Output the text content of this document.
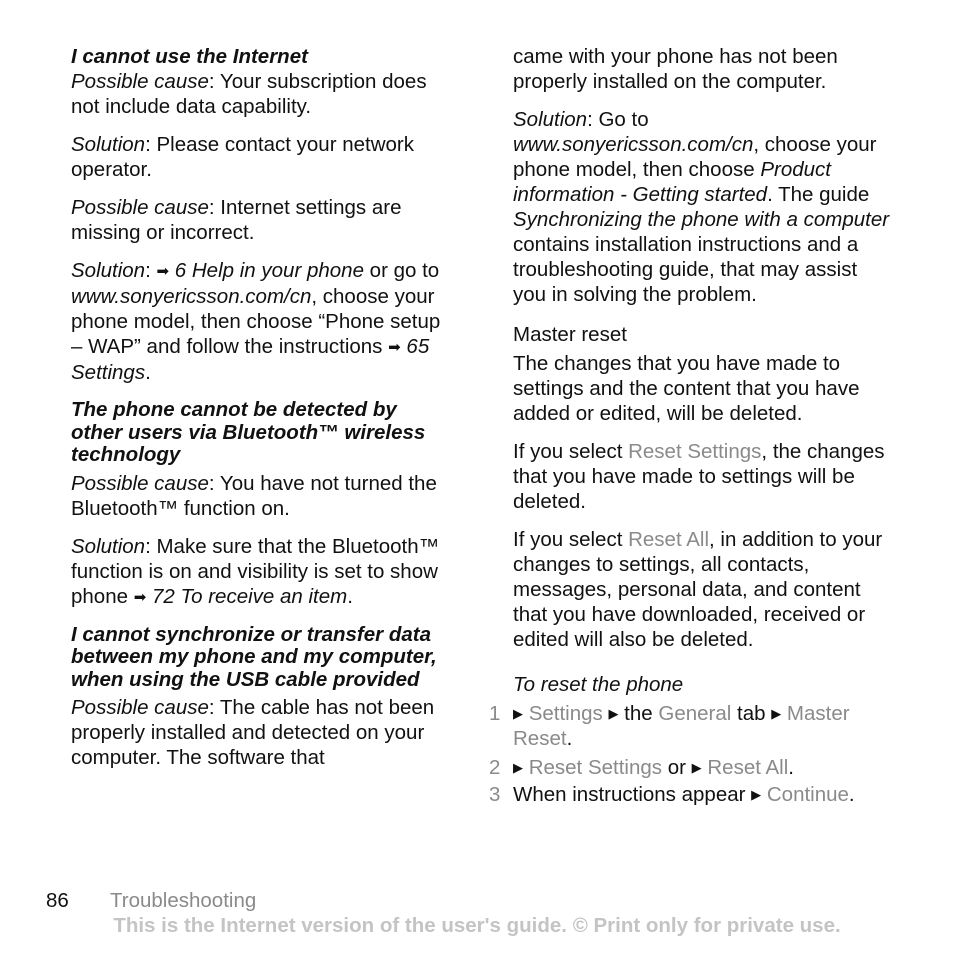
I cannot use the Internet

Possible cause: Your subscription does not include data capability.

Solution: Please contact your network operator.

Possible cause: Internet settings are missing or incorrect.

Solution: ➡ 6 Help in your phone or go to www.sonyericsson.com/cn, choose your phone model, then choose “Phone setup – WAP” and follow the instructions ➡ 65 Settings.

The phone cannot be detected by other users via Bluetooth™ wireless technology

Possible cause: You have not turned the Bluetooth™ function on.

Solution: Make sure that the Bluetooth™ function is on and visibility is set to show phone ➡ 72 To receive an item.

I cannot synchronize or transfer data between my phone and my computer, when using the USB cable provided

Possible cause: The cable has not been properly installed and detected on your computer. The software that

came with your phone has not been properly installed on the computer.

Solution: Go to www.sonyericsson.com/cn, choose your phone model, then choose Product information - Getting started. The guide Synchronizing the phone with a computer contains installation instructions and a troubleshooting guide, that may assist you in solving the problem.

Master reset

The changes that you have made to settings and the content that you have added or edited, will be deleted.

If you select Reset Settings, the changes that you have made to settings will be deleted.

If you select Reset All, in addition to your changes to settings, all contacts, messages, personal data, and content that you have downloaded, received or edited will also be deleted.

To reset the phone
1 ▶ Settings ▶ the General tab ▶ Master Reset.
2 ▶ Reset Settings or ▶ Reset All.
3 When instructions appear ▶ Continue.
86 Troubleshooting
This is the Internet version of the user's guide. © Print only for private use.
